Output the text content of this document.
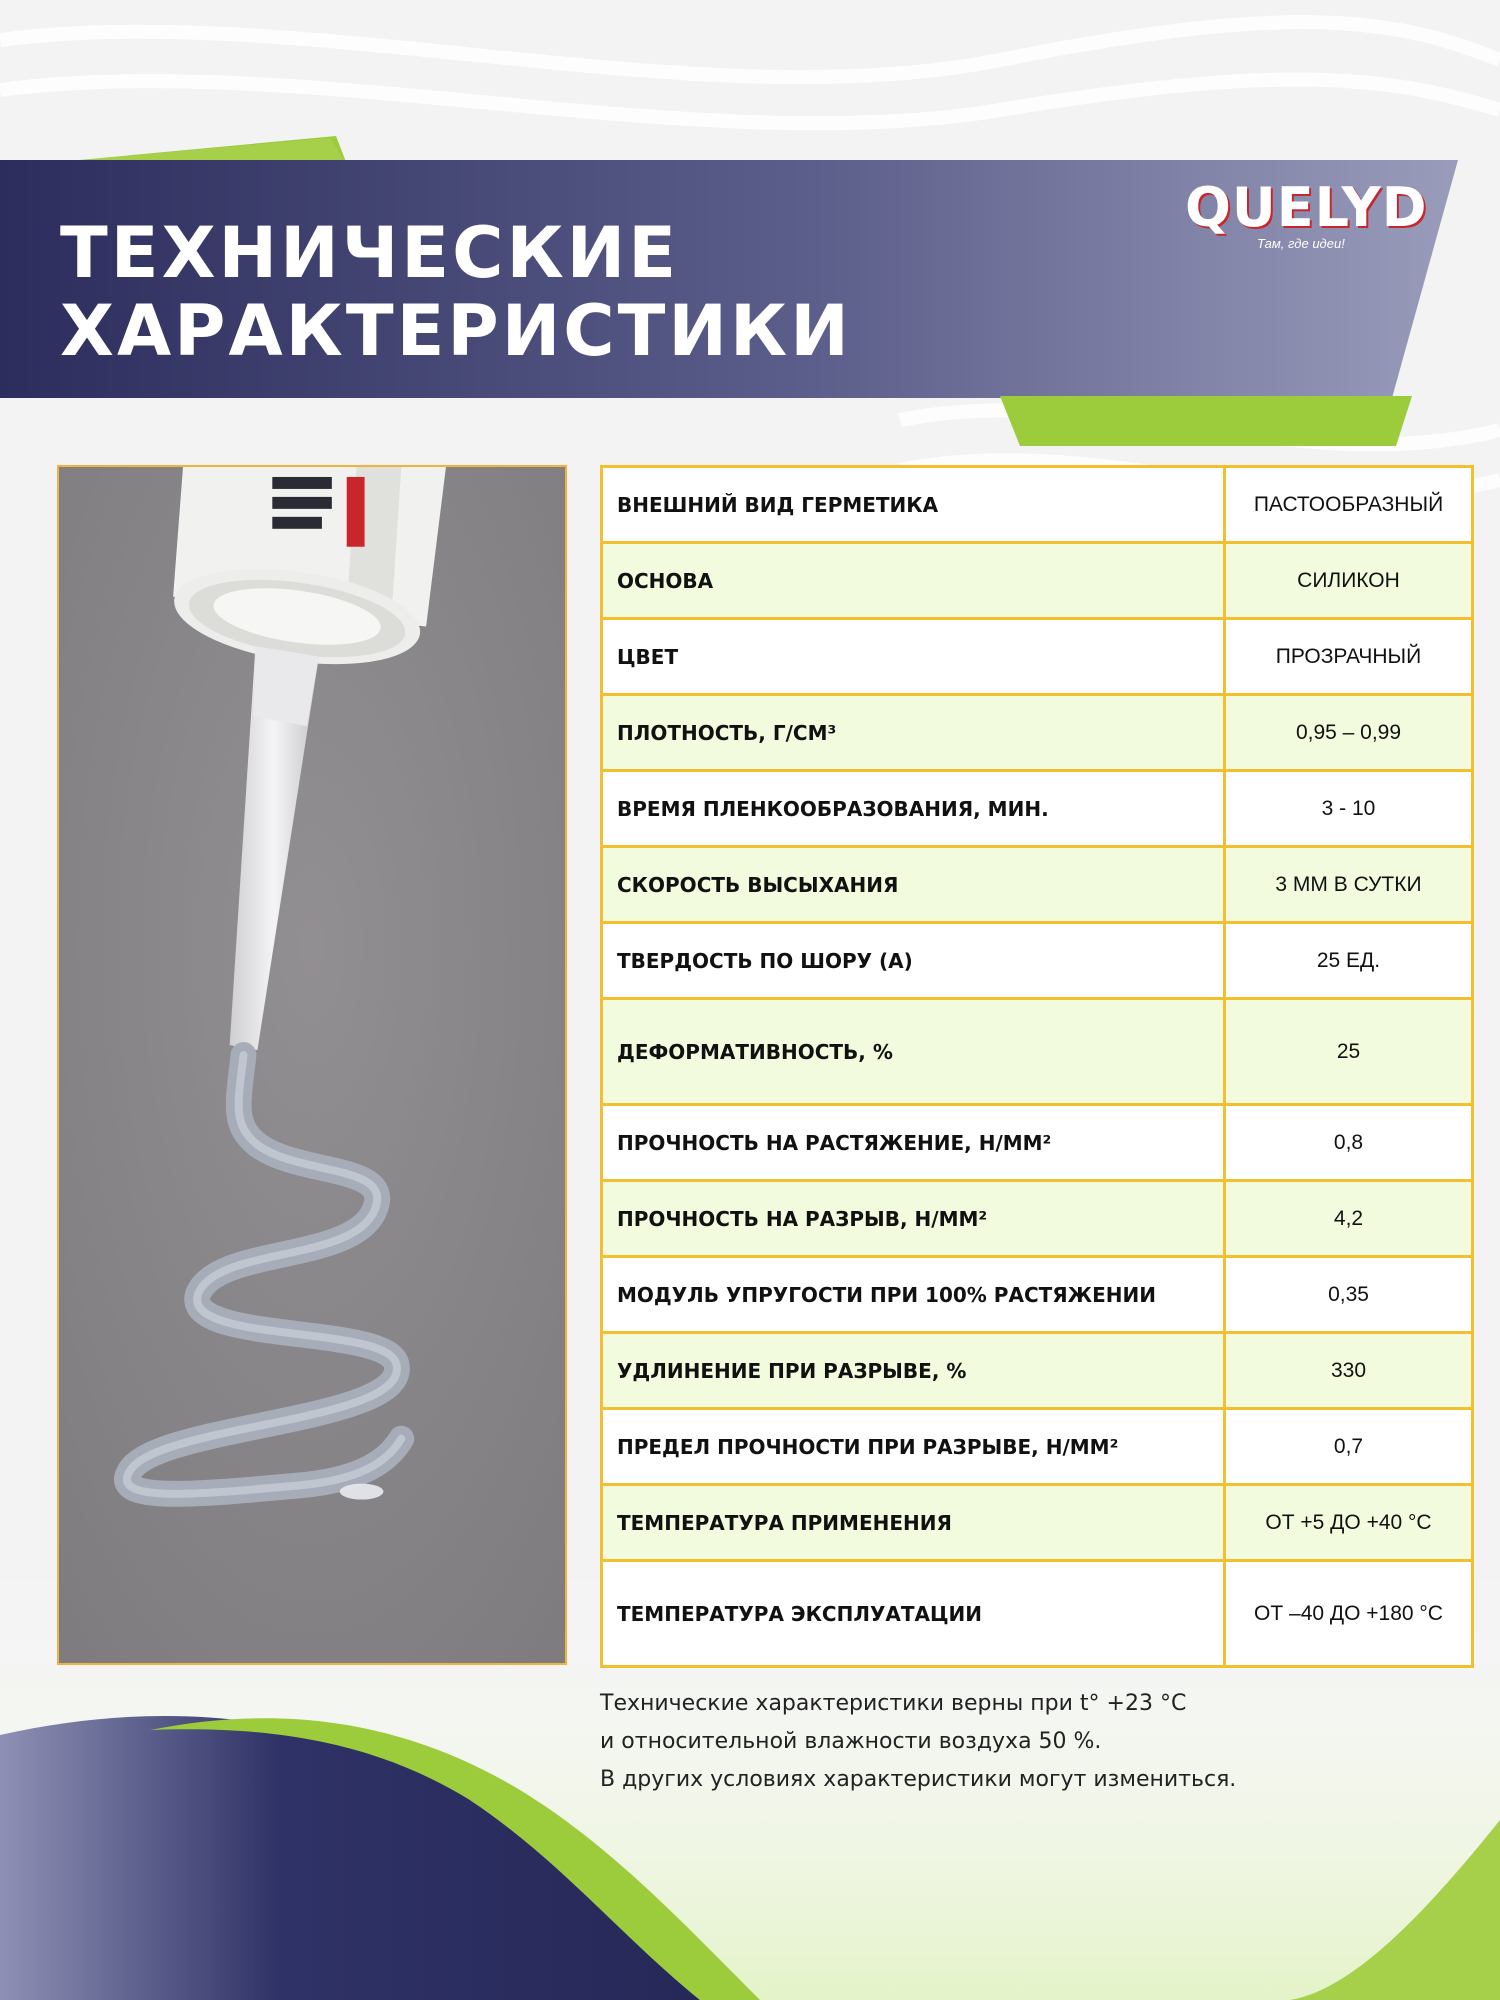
ТЕХНИЧЕСКИЕ
ХАРАКТЕРИСТИКИ
QUELYD
Там, где идеи!
ВНЕШНИЙ ВИД ГЕРМЕТИКА	ПАСТООБРАЗНЫЙ
ОСНОВА	СИЛИКОН
ЦВЕТ	ПРОЗРАЧНЫЙ
ПЛОТНОСТЬ, Г/СМ³	0,95 – 0,99
ВРЕМЯ ПЛЕНКООБРАЗОВАНИЯ, МИН.	3 - 10
СКОРОСТЬ ВЫСЫХАНИЯ	3 ММ В СУТКИ
ТВЕРДОСТЬ ПО ШОРУ (А)	25 ЕД.
ДЕФОРМАТИВНОСТЬ, %	25
ПРОЧНОСТЬ НА РАСТЯЖЕНИЕ, Н/ММ²	0,8
ПРОЧНОСТЬ НА РАЗРЫВ, Н/ММ²	4,2
МОДУЛЬ УПРУГОСТИ ПРИ 100% РАСТЯЖЕНИИ	0,35
УДЛИНЕНИЕ ПРИ РАЗРЫВЕ, %	330
ПРЕДЕЛ ПРОЧНОСТИ ПРИ РАЗРЫВЕ, Н/ММ²	0,7
ТЕМПЕРАТУРА ПРИМЕНЕНИЯ	ОТ +5 ДО +40 °С
ТЕМПЕРАТУРА ЭКСПЛУАТАЦИИ	ОТ –40 ДО +180 °С
Технические характеристики верны при t° +23 °С
и относительной влажности воздуха 50 %.
В других условиях характеристики могут измениться.
